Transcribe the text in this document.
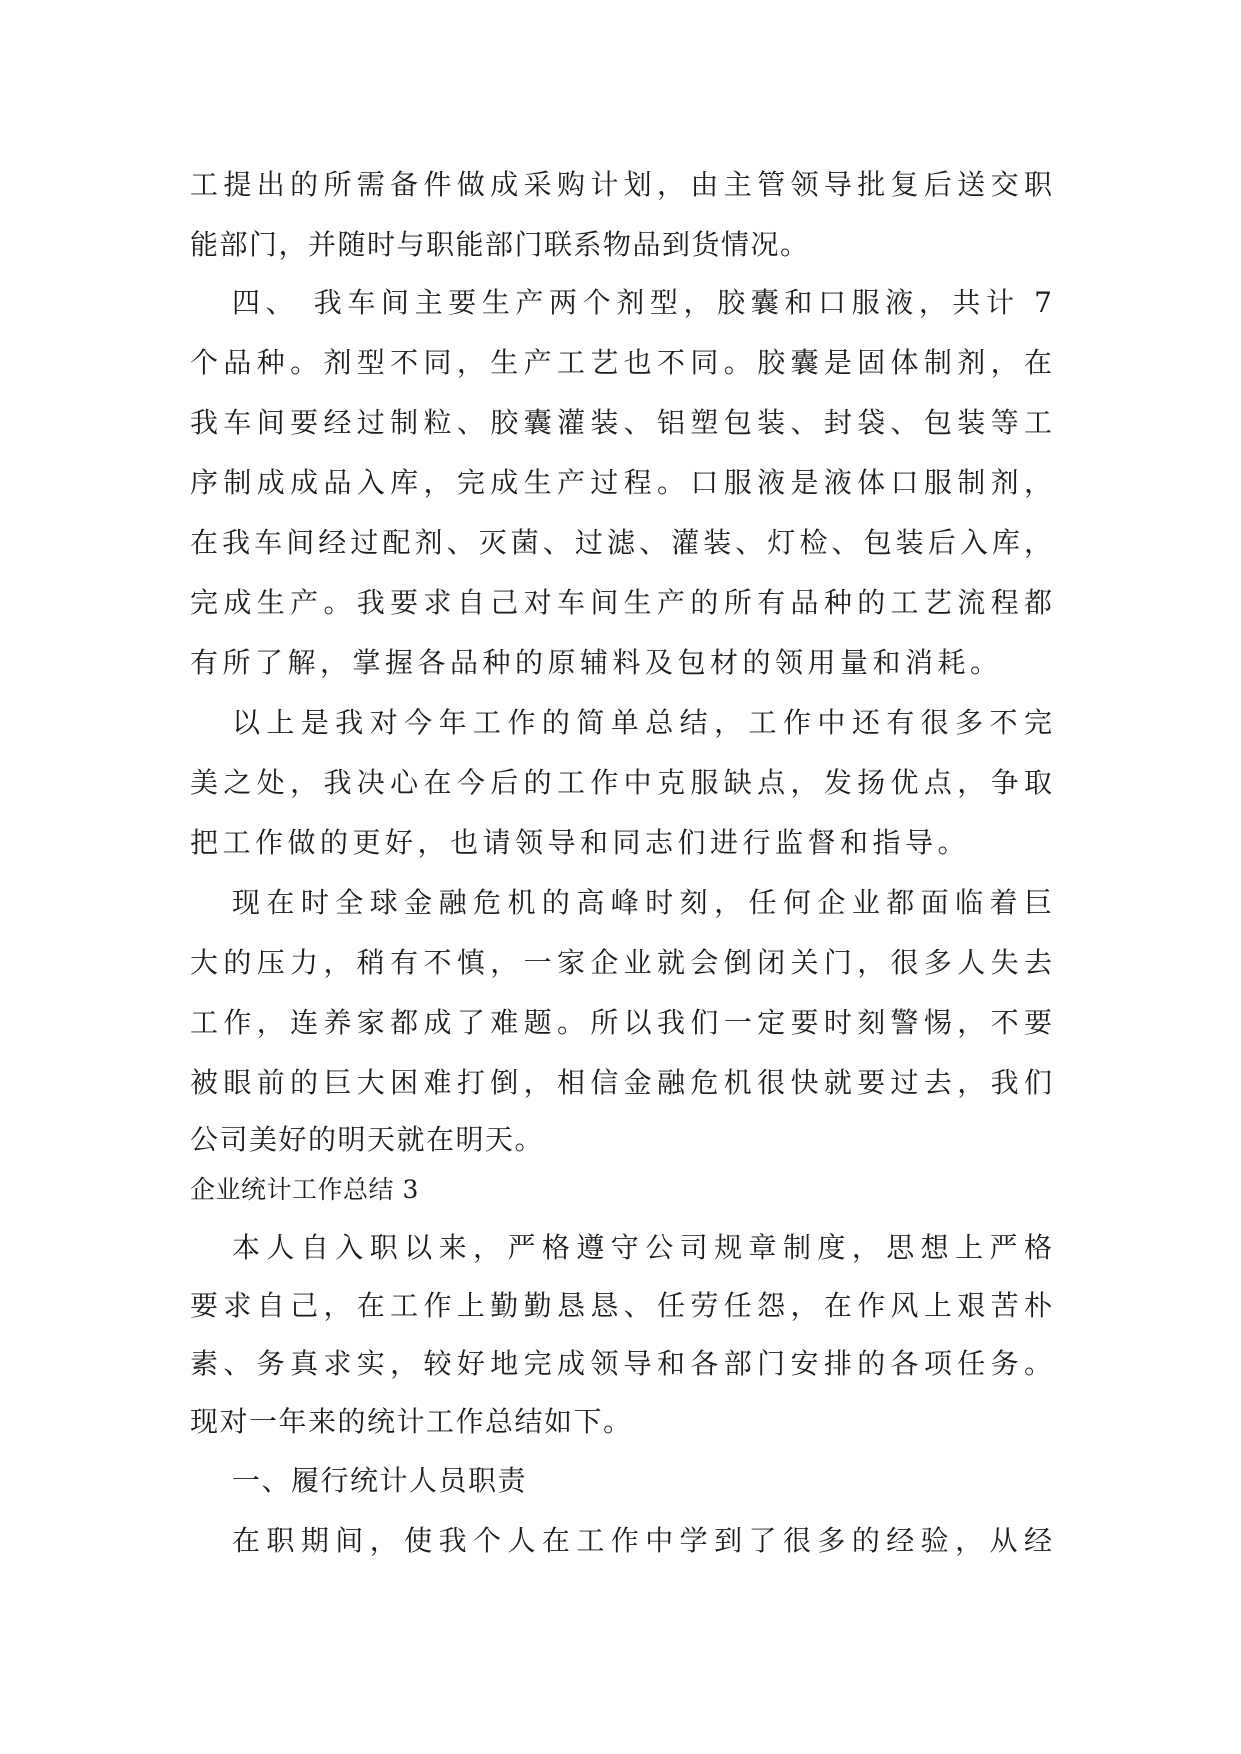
工提出的所需备件做成采购计划，由主管领导批复后送交职
能部门，并随时与职能部门联系物品到货情况。
四、 我车间主要生产两个剂型，胶囊和口服液，共计 7
个品种。剂型不同，生产工艺也不同。胶囊是固体制剂，在
我车间要经过制粒、胶囊灌装、铝塑包装、封袋、包装等工
序制成成品入库，完成生产过程。口服液是液体口服制剂，
在我车间经过配剂、灭菌、过滤、灌装、灯检、包装后入库，
完成生产。我要求自己对车间生产的所有品种的工艺流程都
有所了解，掌握各品种的原辅料及包材的领用量和消耗。
以上是我对今年工作的简单总结，工作中还有很多不完
美之处，我决心在今后的工作中克服缺点，发扬优点，争取
把工作做的更好，也请领导和同志们进行监督和指导。
现在时全球金融危机的高峰时刻，任何企业都面临着巨
大的压力，稍有不慎，一家企业就会倒闭关门，很多人失去
工作，连养家都成了难题。所以我们一定要时刻警惕，不要
被眼前的巨大困难打倒，相信金融危机很快就要过去，我们
公司美好的明天就在明天。
企业统计工作总结 3
本人自入职以来，严格遵守公司规章制度，思想上严格
要求自己，在工作上勤勤恳恳、任劳任怨，在作风上艰苦朴
素、务真求实，较好地完成领导和各部门安排的各项任务。
现对一年来的统计工作总结如下。
一、履行统计人员职责
在职期间，使我个人在工作中学到了很多的经验，从经
